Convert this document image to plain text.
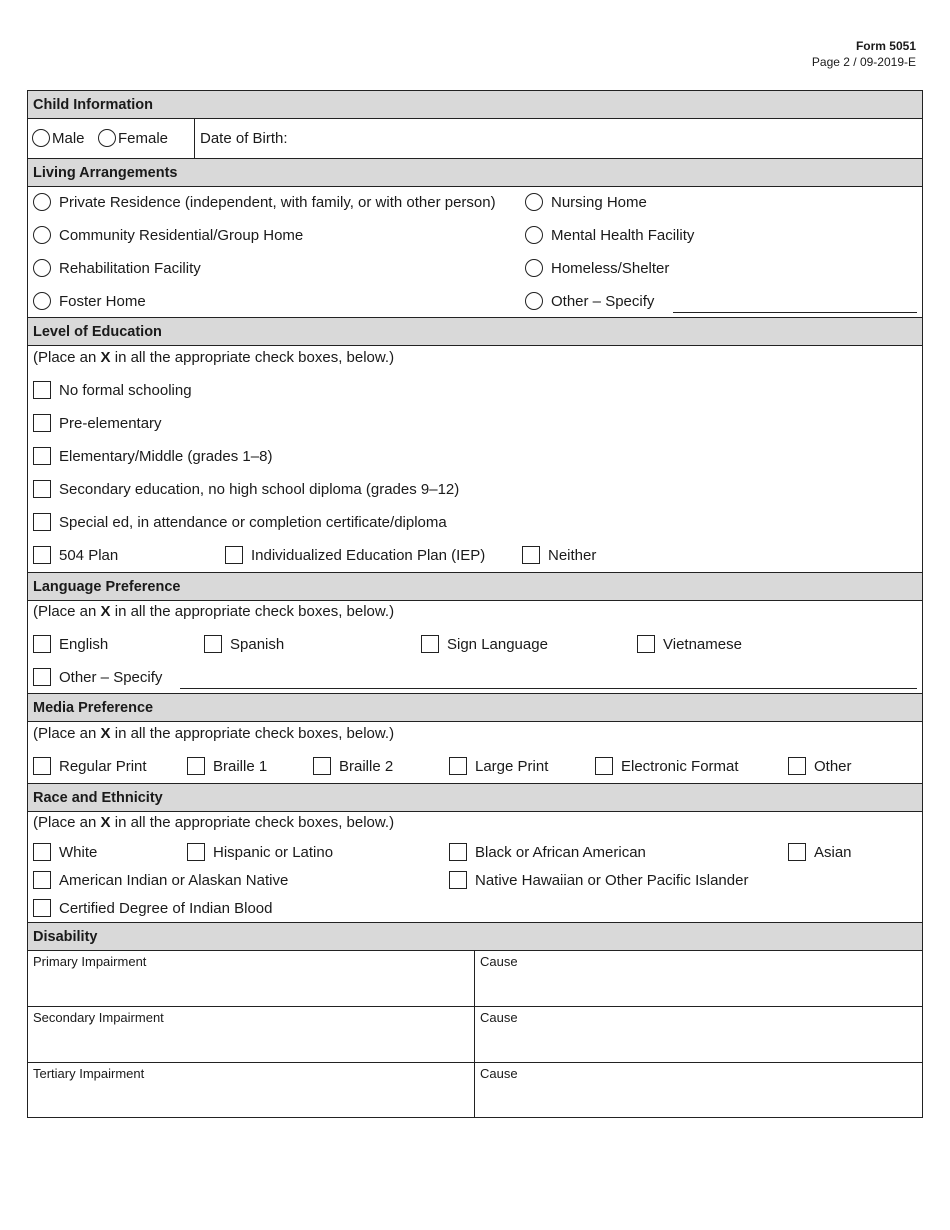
Form 5051
Page 2 / 09-2019-E
Child Information
Male Female Date of Birth:
Living Arrangements
Private Residence (independent, with family, or with other person)	Nursing Home
Community Residential/Group Home	Mental Health Facility
Rehabilitation Facility	Homeless/Shelter
Foster Home	Other – Specify
Level of Education
(Place an X in all the appropriate check boxes, below.)
No formal schooling
Pre-elementary
Elementary/Middle (grades 1–8)
Secondary education, no high school diploma (grades 9–12)
Special ed, in attendance or completion certificate/diploma
504 Plan	Individualized Education Plan (IEP)	Neither
Language Preference
(Place an X in all the appropriate check boxes, below.)
English	Spanish	Sign Language	Vietnamese
Other – Specify
Media Preference
(Place an X in all the appropriate check boxes, below.)
Regular Print	Braille 1	Braille 2	Large Print	Electronic Format	Other
Race and Ethnicity
(Place an X in all the appropriate check boxes, below.)
White	Hispanic or Latino	Black or African American	Asian
American Indian or Alaskan Native	Native Hawaiian or Other Pacific Islander
Certified Degree of Indian Blood
Disability
Primary Impairment	Cause
Secondary Impairment	Cause
Tertiary Impairment	Cause
